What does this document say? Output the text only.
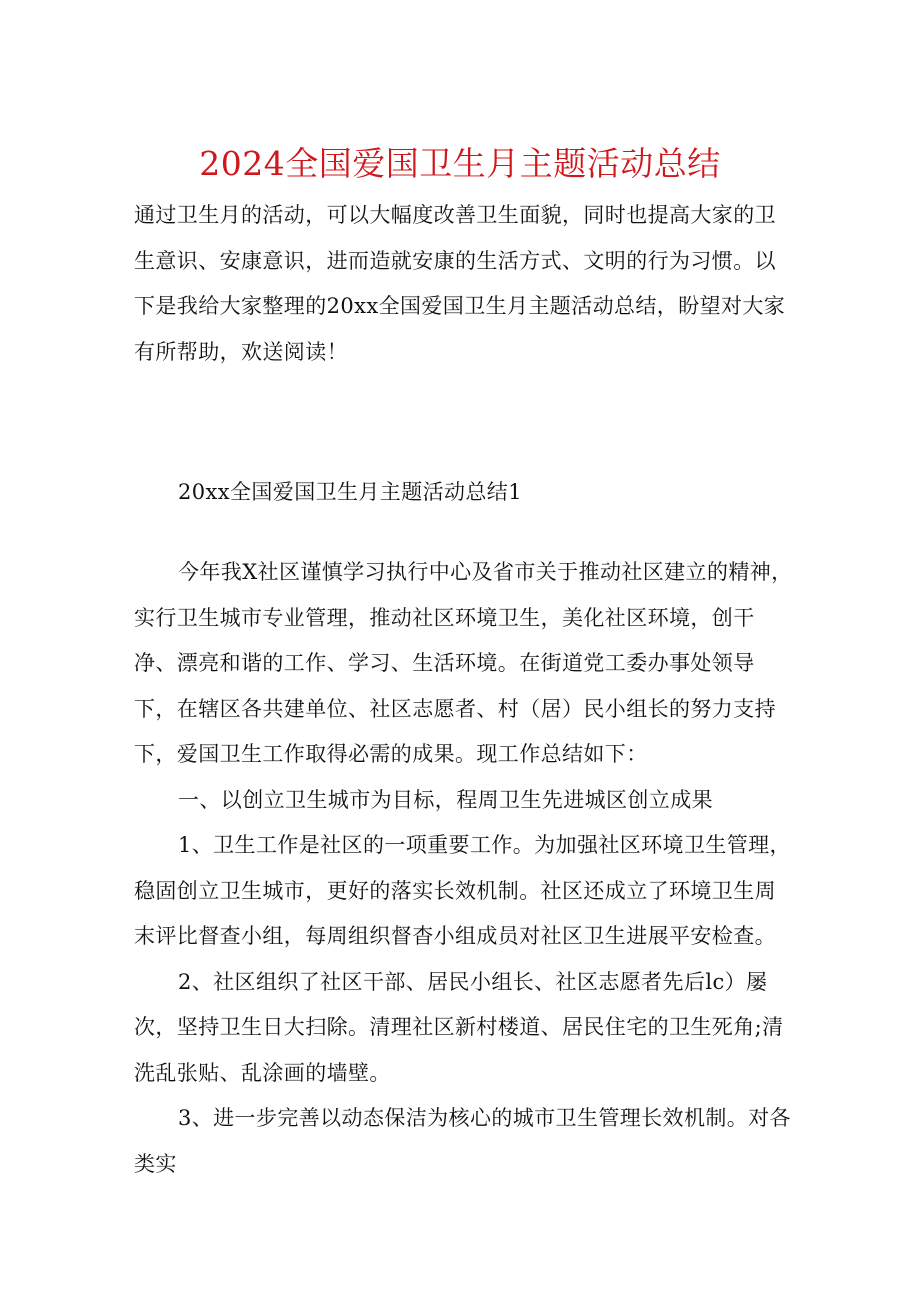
2024全国爱国卫生月主题活动总结
通过卫生月的活动，可以大幅度改善卫生面貌，同时也提高大家的卫生意识、安康意识，进而造就安康的生活方式、文明的行为习惯。以下是我给大家整理的20xx全国爱国卫生月主题活动总结，盼望对大家有所帮助，欢送阅读！
20xx全国爱国卫生月主题活动总结1
今年我X社区谨慎学习执行中心及省市关于推动社区建立的精神，实行卫生城市专业管理，推动社区环境卫生，美化社区环境，创干净、漂亮和谐的工作、学习、生活环境。在街道党工委办事处领导下，在辖区各共建单位、社区志愿者、村（居）民小组长的努力支持下，爱国卫生工作取得必需的成果。现工作总结如下：
一、以创立卫生城市为目标，程周卫生先进城区创立成果
1、卫生工作是社区的一项重要工作。为加强社区环境卫生管理，稳固创立卫生城市，更好的落实长效机制。社区还成立了环境卫生周末评比督查小组，每周组织督杳小组成员对社区卫生进展平安检查。
2、社区组织了社区干部、居民小组长、社区志愿者先后lc）屡次，坚持卫生日大扫除。清理社区新村楼道、居民住宅的卫生死角;清洗乱张贴、乱涂画的墙壁。
3、进一步完善以动态保洁为核心的城市卫生管理长效机制。对各类实
